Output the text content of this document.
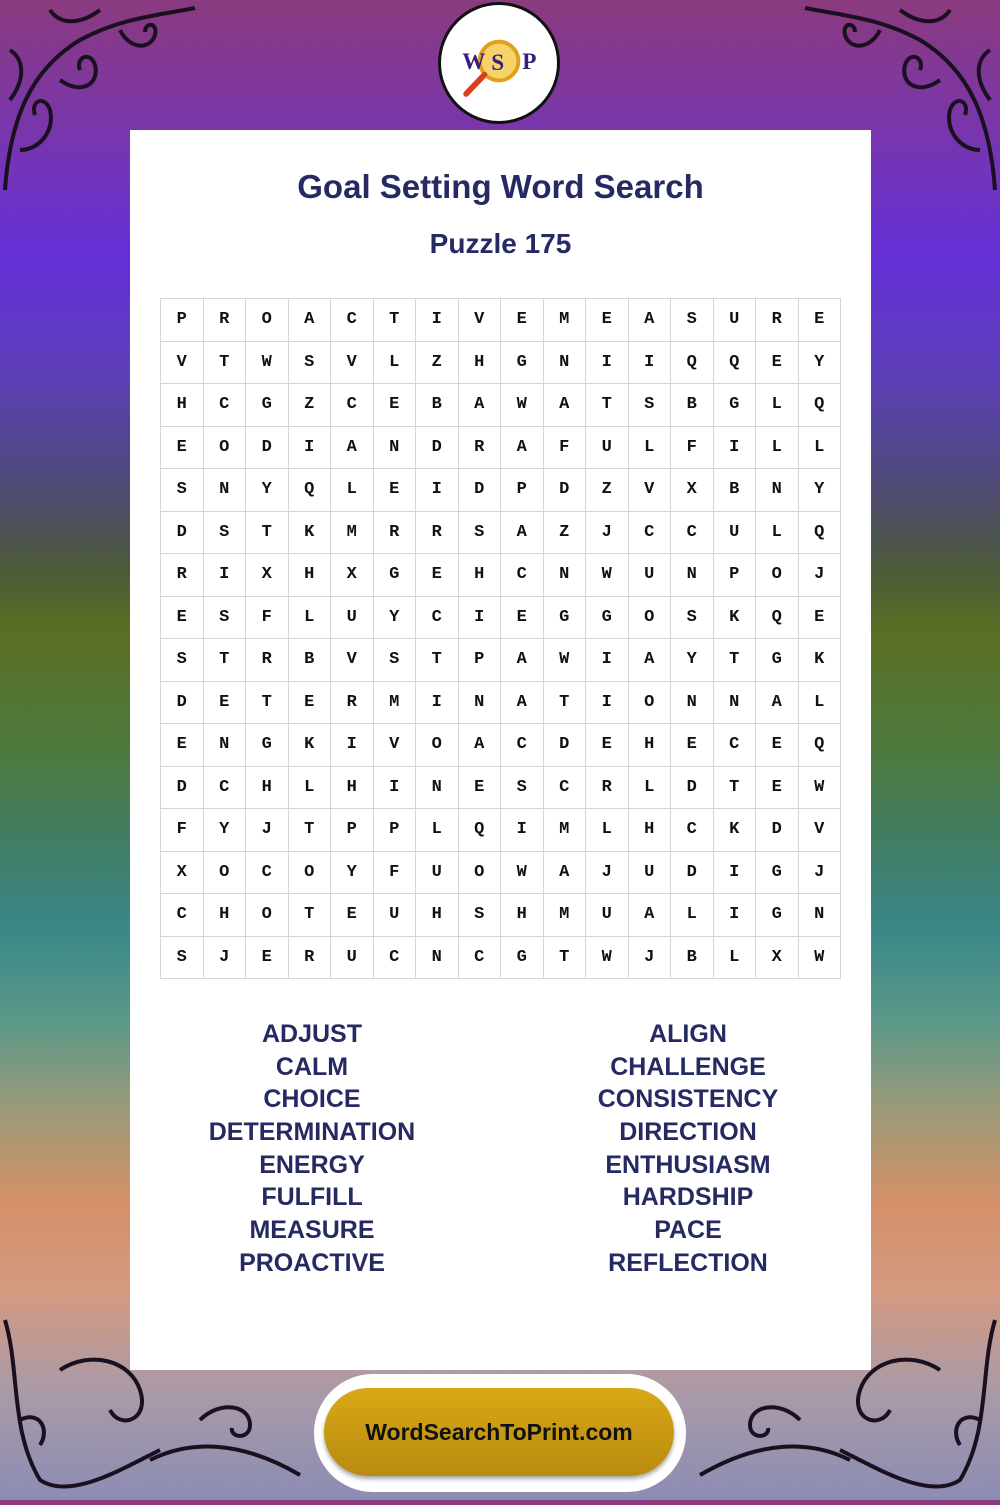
W S P
Goal Setting Word Search
Puzzle 175
P	R	O	A	C	T	I	V	E	M	E	A	S	U	R	E
V	T	W	S	V	L	Z	H	G	N	I	I	Q	Q	E	Y
H	C	G	Z	C	E	B	A	W	A	T	S	B	G	L	Q
E	O	D	I	A	N	D	R	A	F	U	L	F	I	L	L
S	N	Y	Q	L	E	I	D	P	D	Z	V	X	B	N	Y
D	S	T	K	M	R	R	S	A	Z	J	C	C	U	L	Q
R	I	X	H	X	G	E	H	C	N	W	U	N	P	O	J
E	S	F	L	U	Y	C	I	E	G	G	O	S	K	Q	E
S	T	R	B	V	S	T	P	A	W	I	A	Y	T	G	K
D	E	T	E	R	M	I	N	A	T	I	O	N	N	A	L
E	N	G	K	I	V	O	A	C	D	E	H	E	C	E	Q
D	C	H	L	H	I	N	E	S	C	R	L	D	T	E	W
F	Y	J	T	P	P	L	Q	I	M	L	H	C	K	D	V
X	O	C	O	Y	F	U	O	W	A	J	U	D	I	G	J
C	H	O	T	E	U	H	S	H	M	U	A	L	I	G	N
S	J	E	R	U	C	N	C	G	T	W	J	B	L	X	W
ADJUST
CALM
CHOICE
DETERMINATION
ENERGY
FULFILL
MEASURE
PROACTIVE
ALIGN
CHALLENGE
CONSISTENCY
DIRECTION
ENTHUSIASM
HARDSHIP
PACE
REFLECTION
WordSearchToPrint.com
